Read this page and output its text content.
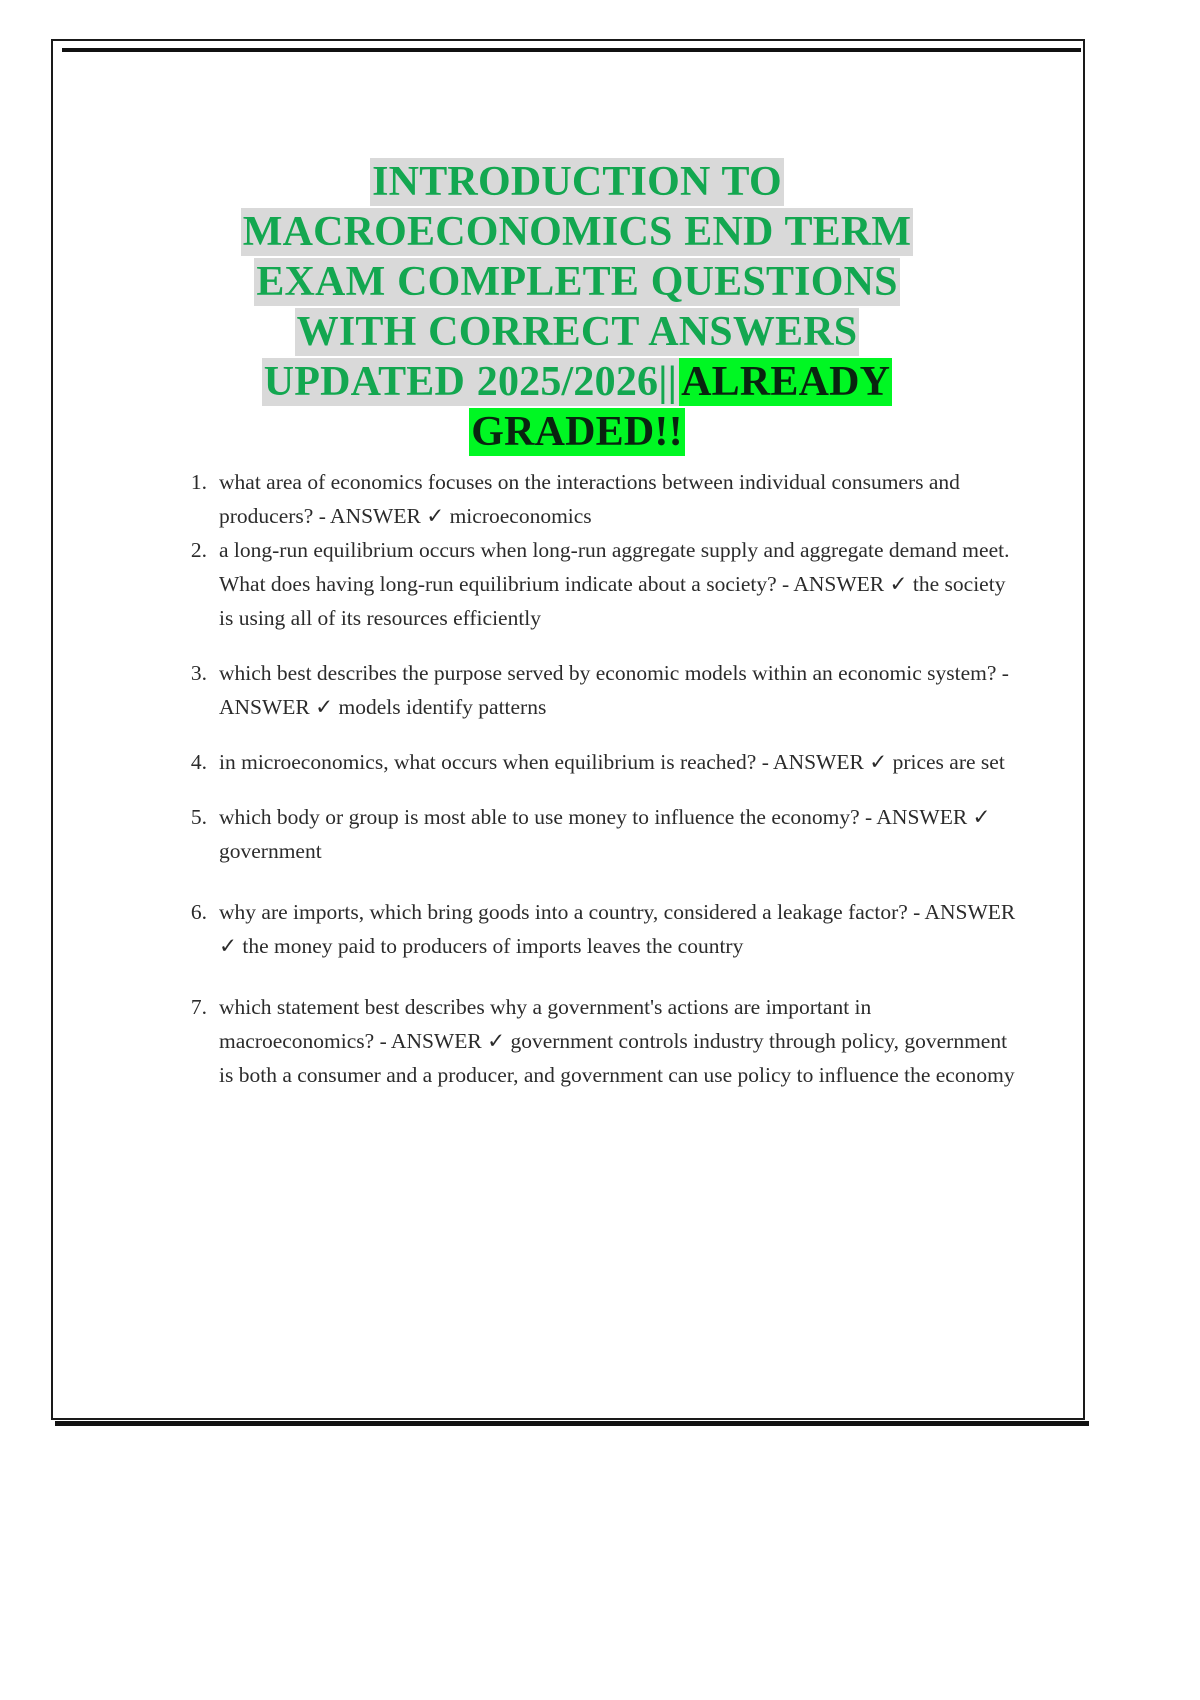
INTRODUCTION TO
MACROECONOMICS END TERM
EXAM COMPLETE QUESTIONS
WITH CORRECT ANSWERS
UPDATED 2025/2026||ALREADY
GRADED!!
1. what area of economics focuses on the interactions between individual consumers and producers? - ANSWER ✓ microeconomics
2. a long-run equilibrium occurs when long-run aggregate supply and aggregate demand meet. What does having long-run equilibrium indicate about a society? - ANSWER ✓ the society is using all of its resources efficiently
3. which best describes the purpose served by economic models within an economic system? - ANSWER ✓ models identify patterns
4. in microeconomics, what occurs when equilibrium is reached? - ANSWER ✓ prices are set
5. which body or group is most able to use money to influence the economy? - ANSWER ✓ government
6. why are imports, which bring goods into a country, considered a leakage factor? - ANSWER ✓ the money paid to producers of imports leaves the country
7. which statement best describes why a government's actions are important in macroeconomics? - ANSWER ✓ government controls industry through policy, government is both a consumer and a producer, and government can use policy to influence the economy
